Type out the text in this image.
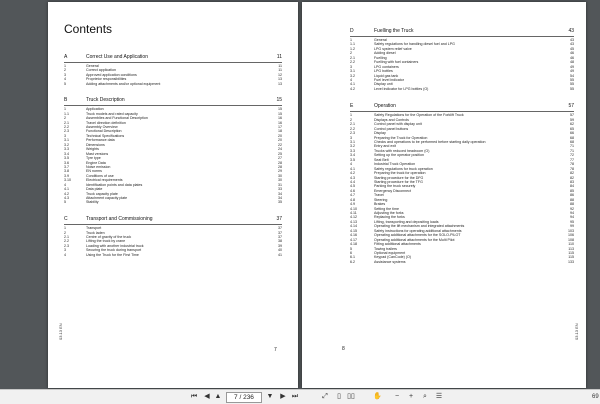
Contents
03.13 EN
7
A	Correct Use and Application	11
1	General	11
2	Correct application	11
3	Approved application conditions	12
4	Proprietor responsibilities	13
5	Adding attachments and/or optional equipment	13
B	Truck Description	15
1	Application	15
1.1	Truck models and rated capacity	15
2	Assemblies and Functional Description	16
2.1	Travel direction definition	16
2.2	Assembly Overview	17
2.3	Functional Description	18
3	Technical Specifications	20
3.1	Performance data	20
3.2	Dimensions	22
3.3	Weights	24
3.4	Mast versions	25
3.5	Tyre type	27
3.6	Engine Data	28
3.7	Noise emission	28
3.8	EN norms	29
3.9	Conditions of use	30
3.10	Electrical requirements	30
4	Identification points and data plates	31
4.1	Data plate	33
4.2	Truck capacity plate	34
4.3	Attachment capacity plate	34
5	Stability	35
C	Transport and Commissioning	37
1	Transport	37
2	Truck laden	37
2.1	Centre of gravity of the truck	37
2.2	Lifting the truck by crane	38
2.3	Loading with another industrial truck	39
3	Securing the truck during transport	40
4	Using the Truck for the First Time	41
8
03.13 EN
D	Fuelling the Truck	43
1	General	43
1.1	Safety regulations for handling diesel fuel and LPG	43
1.2	LPG system relief valve	45
2	Adding diesel	46
2.1	Fuelling	46
2.2	Fuelling with fuel containers	48
3	LPG containers	49
3.1	LPG bottles	49
3.2	Liquid gas tank	54
4	Fuel level indicator	55
4.1	Display unit	55
4.2	Level indicator for LPG bottles (O)	55
E	Operation	57
1	Safety Regulations for the Operation of the Forklift Truck	57
2	Displays and Controls	59
2.1	Control panel with display unit	62
2.2	Control panel buttons	65
2.3	Display	66
3	Preparing the Truck for Operation	68
3.1	Checks and operations to be performed before starting daily operation	68
3.2	Entry and exit	71
3.3	Trucks with reduced headroom (O)	71
3.4	Setting up the operator position	72
3.5	Seat Belt	77
4	Industrial Truck Operation	78
4.1	Safety regulations for truck operation	78
4.2	Preparing the truck for operation	82
4.3	Starting procedure for the DFG	82
4.4	Starting procedure for the TFG	83
4.5	Parking the truck securely	84
4.6	Emergency Disconnect	85
4.7	Travel	86
4.8	Steering	88
4.9	Brakes	88
4.10	Setting the time	92
4.11	Adjusting the forks	94
4.12	Replacing the forks	94
4.13	Lifting, transporting and depositing loads	95
4.14	Operating the lift mechanism and integrated attachments	99
4.15	Safety instructions for operating additional attachments	103
4.16	Operating additional attachments for the SOLO-PILOT	106
4.17	Operating additional attachments for the Multi Pilot	108
4.18	Fitting additional attachments	110
5	Towing trailers	113
6	Optional equipment	115
6.1	Keypad (CanCode) (O)	115
6.2	Assistance systems	133
⏮ ◀ ▲	7 / 236	▼ ▶ ⏭	⤢ ▯ ▯▯	✋ − + ⌕ ☰	69
